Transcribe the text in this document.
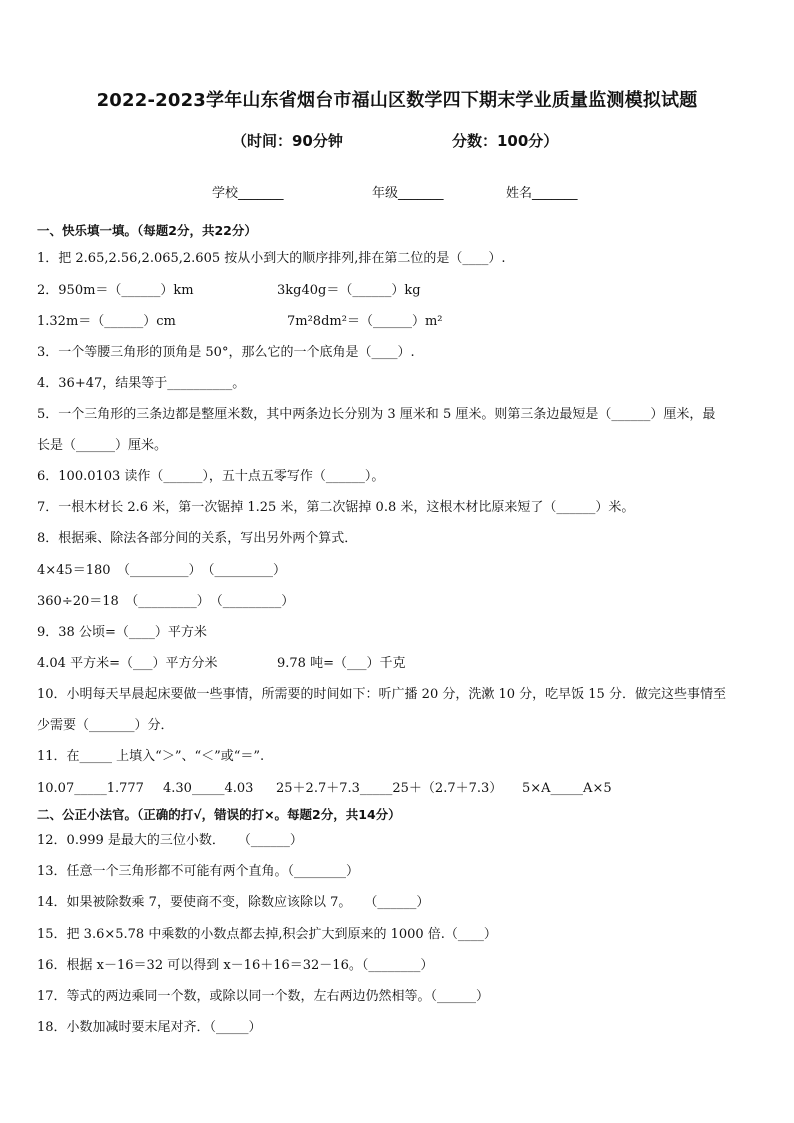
2022-2023学年山东省烟台市福山区数学四下期末学业质量监测模拟试题
（时间：90分钟	分数：100分）
学校_______	年级_______	姓名_______
一、快乐填一填。（每题2分，共22分）
1．把 2.65,2.56,2.065,2.605 按从小到大的顺序排列,排在第二位的是（____）.
2．950m＝（______）km	3kg40g＝（______）kg
1.32m＝（______）cm	7m²8dm²＝（______）m²
3．一个等腰三角形的顶角是 50°，那么它的一个底角是（____）.
4．36+47，结果等于__________。
5．一个三角形的三条边都是整厘米数，其中两条边长分别为 3 厘米和 5 厘米。则第三条边最短是（______）厘米，最
长是（______）厘米。
6．100.0103 读作（______），五十点五零写作（______）。
7．一根木材长 2.6 米，第一次锯掉 1.25 米，第二次锯掉 0.8 米，这根木材比原来短了（______）米。
8．根据乘、除法各部分间的关系，写出另外两个算式．
4×45＝180　（_________）　（_________）
360÷20＝18　（_________）　（_________）
9．38 公顷=（____）平方米
4.04 平方米=（___）平方分米	9.78 吨=（___）千克
10．小明每天早晨起床要做一些事情，所需要的时间如下：听广播 20 分，洗漱 10 分，吃早饭 15 分．做完这些事情至
少需要（_______）分．
11．在_____ 上填入“＞”、“＜”或“＝”.
10.07_____1.777 4.30_____4.03 25＋2.7＋7.3_____25＋（2.7＋7.3） 5×A_____A×5
二、公正小法官。（正确的打√，错误的打×。每题2分，共14分）
12．0.999 是最大的三位小数．　　（______）
13．任意一个三角形都不可能有两个直角。（________）
14．如果被除数乘 7，要使商不变，除数应该除以 7。　　（______）
15．把 3.6×5.78 中乘数的小数点都去掉,积会扩大到原来的 1000 倍.（____）
16．根据 x－16＝32 可以得到 x－16＋16＝32－16。（________）
17．等式的两边乘同一个数，或除以同一个数，左右两边仍然相等。（______）
18．小数加减时要末尾对齐．（_____）
